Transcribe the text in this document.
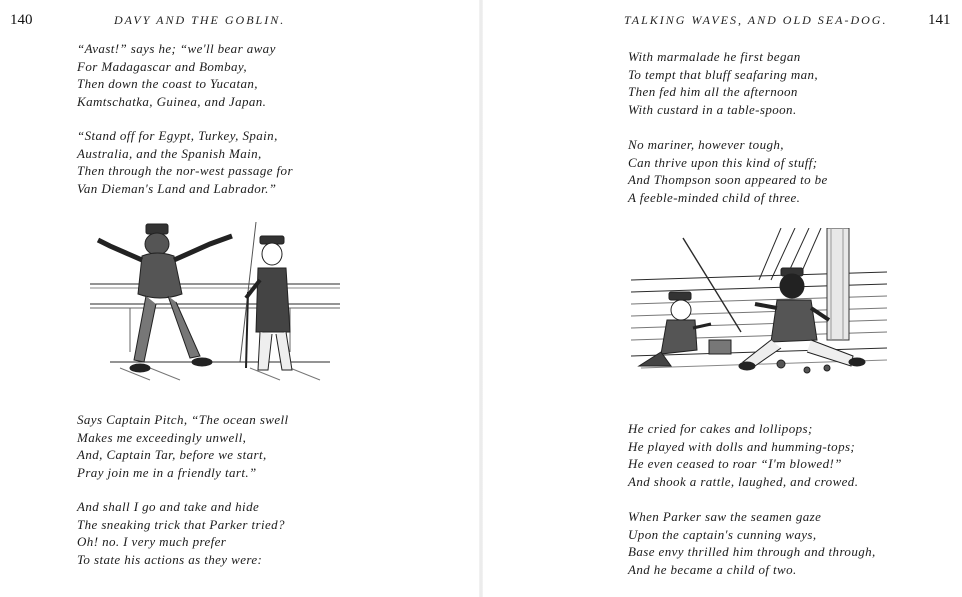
140	DAVY AND THE GOBLIN.
“Avast!” says he; “we'll bear away
For Madagascar and Bombay,
Then down the coast to Yucatan,
Kamtschatka, Guinea, and Japan.
“Stand off for Egypt, Turkey, Spain,
Australia, and the Spanish Main,
Then through the nor-west passage for
Van Dieman's Land and Labrador.”
Says Captain Pitch, “The ocean swell
Makes me exceedingly unwell,
And, Captain Tar, before we start,
Pray join me in a friendly tart.”
And shall I go and take and hide
The sneaking trick that Parker tried?
Oh! no. I very much prefer
To state his actions as they were:
TALKING WAVES, AND OLD SEA-DOG.	141
With marmalade he first began
To tempt that bluff seafaring man,
Then fed him all the afternoon
With custard in a table-spoon.
No mariner, however tough,
Can thrive upon this kind of stuff;
And Thompson soon appeared to be
A feeble-minded child of three.
He cried for cakes and lollipops;
He played with dolls and humming-tops;
He even ceased to roar “I'm blowed!”
And shook a rattle, laughed, and crowed.
When Parker saw the seamen gaze
Upon the captain's cunning ways,
Base envy thrilled him through and through,
And he became a child of two.
